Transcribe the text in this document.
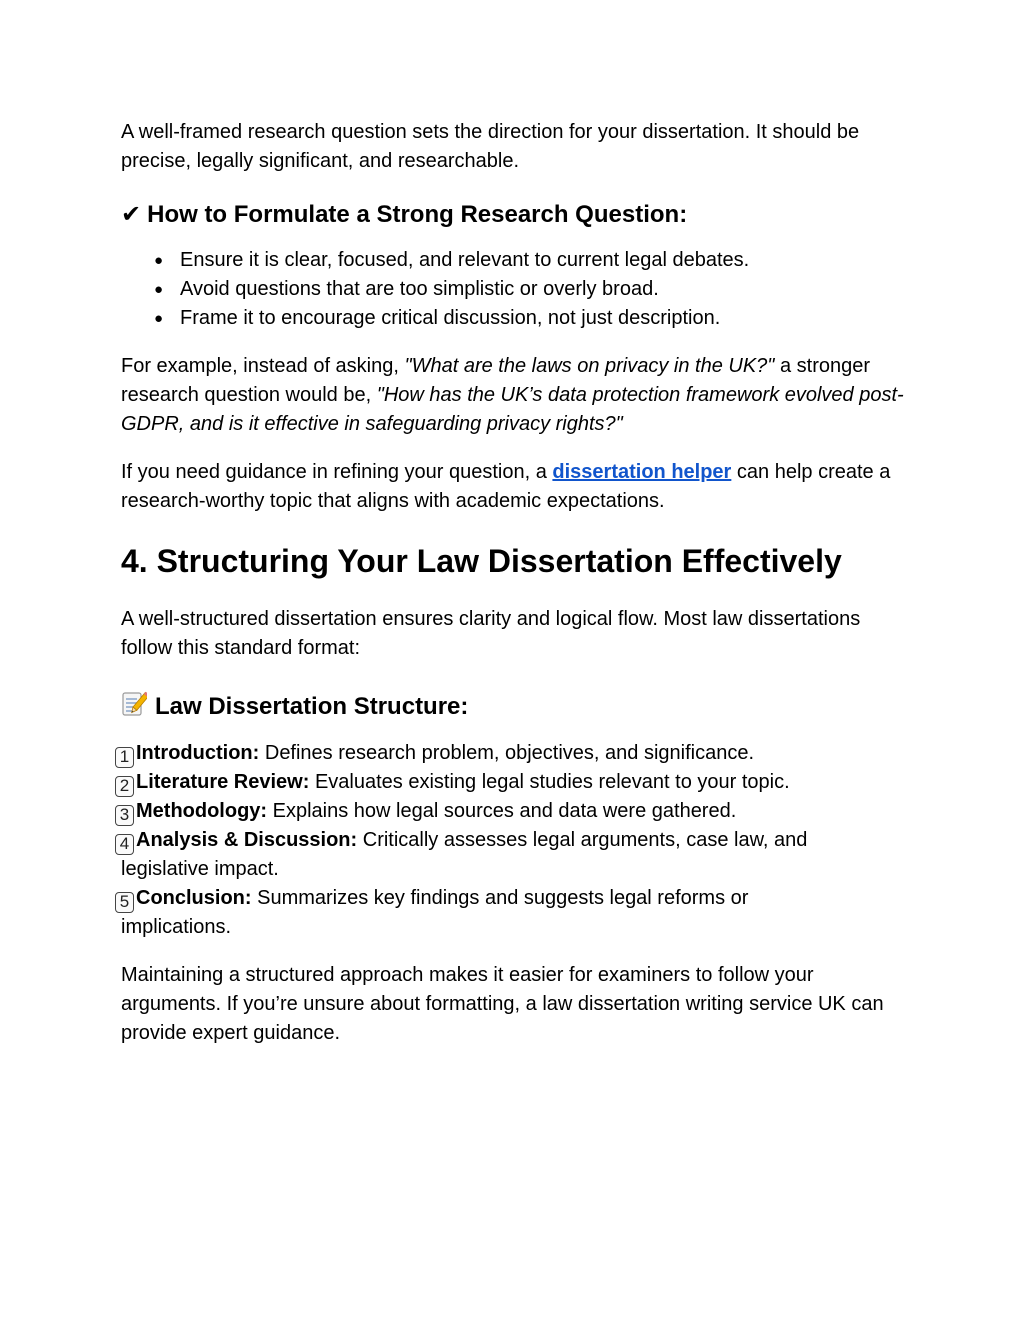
A well-framed research question sets the direction for your dissertation. It should be precise, legally significant, and researchable.

✔ How to Formulate a Strong Research Question:
● Ensure it is clear, focused, and relevant to current legal debates.
● Avoid questions that are too simplistic or overly broad.
● Frame it to encourage critical discussion, not just description.

For example, instead of asking, "What are the laws on privacy in the UK?" a stronger research question would be, "How has the UK’s data protection framework evolved post-GDPR, and is it effective in safeguarding privacy rights?"

If you need guidance in refining your question, a dissertation helper can help create a research-worthy topic that aligns with academic expectations.

4. Structuring Your Law Dissertation Effectively

A well-structured dissertation ensures clarity and logical flow. Most law dissertations follow this standard format:

Law Dissertation Structure:
1 Introduction: Defines research problem, objectives, and significance.
2 Literature Review: Evaluates existing legal studies relevant to your topic.
3 Methodology: Explains how legal sources and data were gathered.
4 Analysis & Discussion: Critically assesses legal arguments, case law, and
legislative impact.
5 Conclusion: Summarizes key findings and suggests legal reforms or
implications.

Maintaining a structured approach makes it easier for examiners to follow your arguments. If you’re unsure about formatting, a law dissertation writing service UK can provide expert guidance.
